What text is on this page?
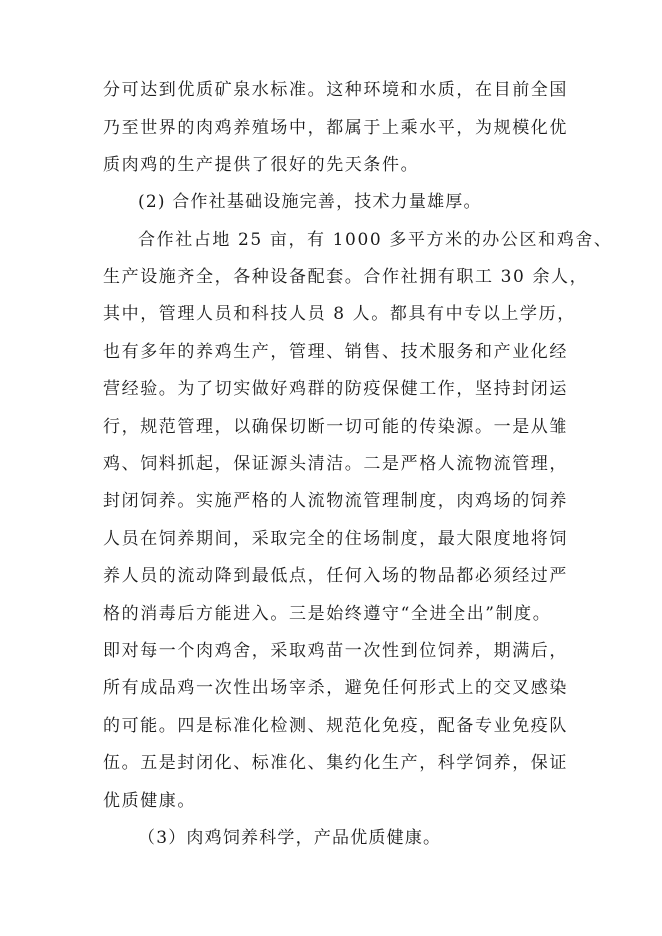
分可达到优质矿泉水标准。这种环境和水质，在目前全国
乃至世界的肉鸡养殖场中，都属于上乘水平，为规模化优
质肉鸡的生产提供了很好的先天条件。
(2) 合作社基础设施完善，技术力量雄厚。
合作社占地 25 亩，有 1000 多平方米的办公区和鸡舍、
生产设施齐全，各种设备配套。合作社拥有职工 30 余人，
其中，管理人员和科技人员 8 人。都具有中专以上学历，
也有多年的养鸡生产，管理、销售、技术服务和产业化经
营经验。为了切实做好鸡群的防疫保健工作，坚持封闭运
行，规范管理，以确保切断一切可能的传染源。一是从雏
鸡、饲料抓起，保证源头清洁。二是严格人流物流管理，
封闭饲养。实施严格的人流物流管理制度，肉鸡场的饲养
人员在饲养期间，采取完全的住场制度，最大限度地将饲
养人员的流动降到最低点，任何入场的物品都必须经过严
格的消毒后方能进入。三是始终遵守“全进全出”制度。
即对每一个肉鸡舍，采取鸡苗一次性到位饲养，期满后，
所有成品鸡一次性出场宰杀，避免任何形式上的交叉感染
的可能。四是标准化检测、规范化免疫，配备专业免疫队
伍。五是封闭化、标准化、集约化生产，科学饲养，保证
优质健康。
（3）肉鸡饲养科学，产品优质健康。
